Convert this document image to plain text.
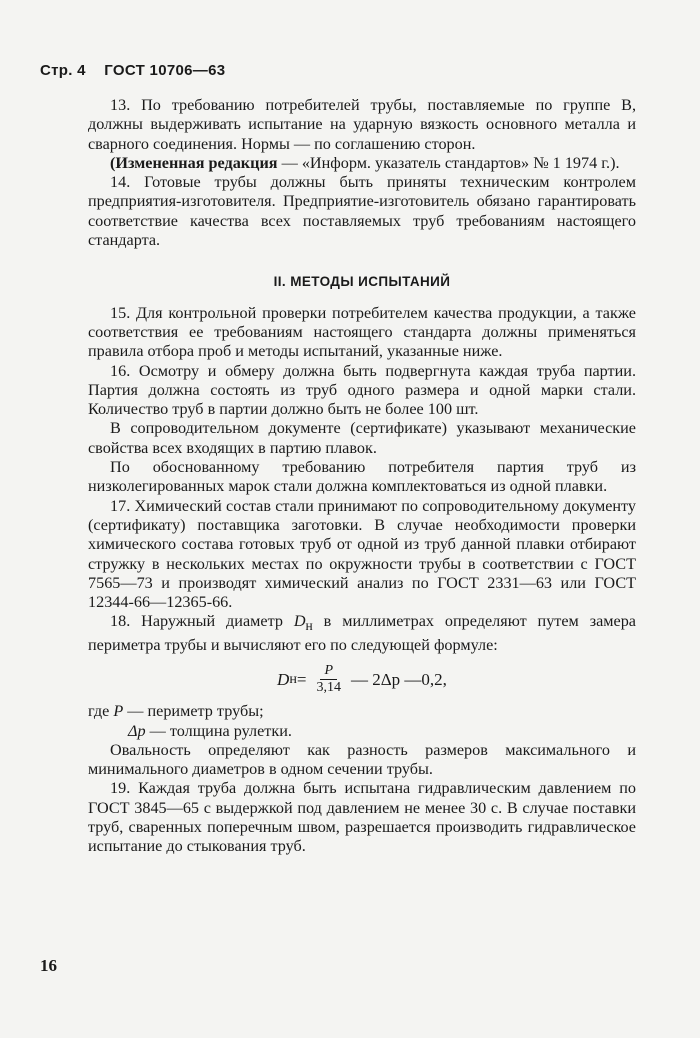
Стр. 4 ГОСТ 10706—63

13. По требованию потребителей трубы, поставляемые по группе В, должны выдерживать испытание на ударную вязкость основного металла и сварного соединения. Нормы — по соглашению сторон.

(Измененная редакция — «Информ. указатель стандартов» № 1 1974 г.).

14. Готовые трубы должны быть приняты техническим контролем предприятия-изготовителя. Предприятие-изготовитель обязано гарантировать соответствие качества всех поставляемых труб требованиям настоящего стандарта.

II. МЕТОДЫ ИСПЫТАНИЙ

15. Для контрольной проверки потребителем качества продукции, а также соответствия ее требованиям настоящего стандарта должны применяться правила отбора проб и методы испытаний, указанные ниже.

16. Осмотру и обмеру должна быть подвергнута каждая труба партии. Партия должна состоять из труб одного размера и одной марки стали. Количество труб в партии должно быть не более 100 шт.

В сопроводительном документе (сертификате) указывают механические свойства всех входящих в партию плавок.

По обоснованному требованию потребителя партия труб из низколегированных марок стали должна комплектоваться из одной плавки.

17. Химический состав стали принимают по сопроводительному документу (сертификату) поставщика заготовки. В случае необходимости проверки химического состава готовых труб от одной из труб данной плавки отбирают стружку в нескольких местах по окружности трубы в соответствии с ГОСТ 7565—73 и производят химический анализ по ГОСТ 2331—63 или ГОСТ 12344-66—12365-66.

18. Наружный диаметр $D_н$ в миллиметрах определяют путем замера периметра трубы и вычисляют его по следующей формуле:

D $н = \frac{P}{3,14}$ — 2Δp —0,2,

где P — периметр трубы;

Δp — толщина рулетки.

Овальность определяют как разность размеров максимального и минимального диаметров в одном сечении трубы.

19. Каждая труба должна быть испытана гидравлическим давлением по ГОСТ 3845—65 с выдержкой под давлением не менее 30 с. В случае поставки труб, сваренных поперечным швом, разрешается производить гидравлическое испытание до стыкования труб.

16
